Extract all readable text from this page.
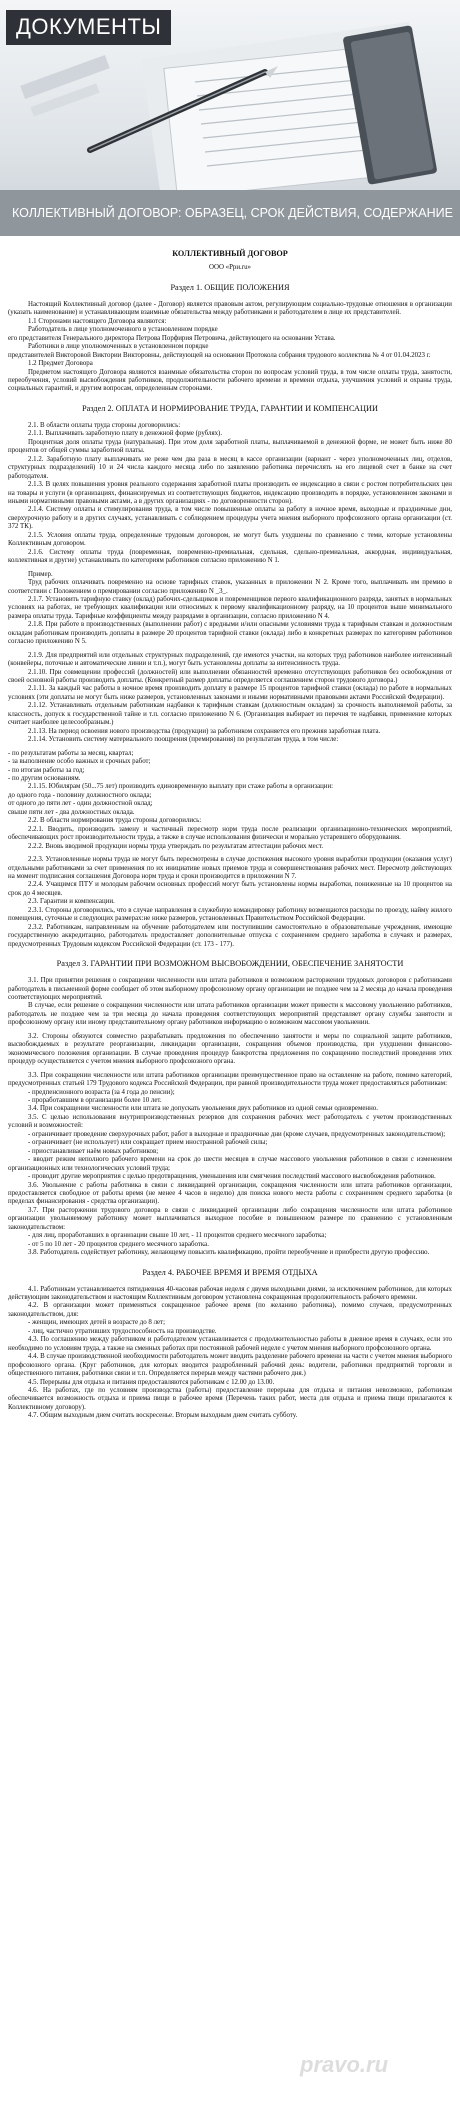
ДОКУМЕНТЫ
КОЛЛЕКТИВНЫЙ ДОГОВОР: ОБРАЗЕЦ, СРОК ДЕЙСТВИЯ, СОДЕРЖАНИЕ
КОЛЛЕКТИВНЫЙ ДОГОВОР

ООО «Рри.ru»

Раздел 1. ОБЩИЕ ПОЛОЖЕНИЯ

Настоящий Коллективный договор (далее - Договор) является правовым актом, регулирующим социально-трудовые отношения в организации (указать наименование) и устанавливающим взаимные обязательства между работниками и работодателем в лице их представителей.

1.1 Сторонами настоящего Договора являются:

Работодатель в лице уполномоченного в установленном порядке

его представителя Генерального директора Петрова Порфирия Петровича, действующего на основании Устава.

Работники в лице уполномоченных в установленном порядке

представителей Викторовой Виктории Викторовны, действующей на основании Протокола собрания трудового коллектива № 4 от 01.04.2023 г.

1.2 Предмет Договора

Предметом настоящего Договора являются взаимные обязательства сторон по вопросам условий труда, в том числе оплаты труда, занятости, переобучения, условий высвобождения работников, продолжительности рабочего времени и времени отдыха, улучшения условий и охраны труда, социальных гарантий, и другим вопросам, определенным сторонами.

Раздел 2. ОПЛАТА И НОРМИРОВАНИЕ ТРУДА, ГАРАНТИИ И КОМПЕНСАЦИИ

2.1. В области оплаты труда стороны договорились:

2.1.1. Выплачивать заработную плату в денежной форме (рублях).

Процентная доля оплаты труда (натуральная). При этом доля заработной платы, выплачиваемой в денежной форме, не может быть ниже 80 процентов от общей суммы заработной платы.

2.1.2. Заработную плату выплачивать не реже чем два раза в месяц в кассе организации (вариант - через уполномоченных лиц, отделов, структурных подразделений) 10 и 24 числа каждого месяца либо по заявлению работника перечислять на его лицевой счет в банке на счет работодателя.

2.1.3. В целях повышения уровня реального содержания заработной платы производить ее индексацию в связи с ростом потребительских цен на товары и услуги (в организациях, финансируемых из соответствующих бюджетов, индексацию производить в порядке, установленном законами и иными нормативными правовыми актами, а в других организациях - по договоренности сторон).

2.1.4. Систему оплаты и стимулирования труда, в том числе повышенные оплаты за работу в ночное время, выходные и праздничные дни, сверхурочную работу и в других случаях, устанавливать с соблюдением процедуры учета мнения выборного профсоюзного органа организации (ст. 372 ТК).

2.1.5. Условия оплаты труда, определенные трудовым договором, не могут быть ухудшены по сравнению с теми, которые установлены Коллективным договором.

2.1.6. Систему оплаты труда (повременная, повременно-премиальная, сдельная, сдельно-премиальная, аккордная, индивидуальная, коллективная и другие) устанавливать по категориям работников согласно приложению N 1.

Пример.

Труд рабочих оплачивать повременно на основе тарифных ставок, указанных в приложении N 2. Кроме того, выплачивать им премию в соответствии с Положением о премировании согласно приложению N _3_.

2.1.7. Установить тарифную ставку (оклад) рабочих-сдельщиков и повременщиков первого квалификационного разряда, занятых в нормальных условиях на работах, не требующих квалификации или относимых к первому квалификационному разряду, на 10 процентов выше минимального размера оплаты труда. Тарифные коэффициенты между разрядами в организации, согласно приложению N 4.

2.1.8. При работе в производственных (выполнении работ) с вредными и/или опасными условиями труда к тарифным ставкам и должностным окладам работникам производить доплаты в размере 20 процентов тарифной ставки (оклада) либо в конкретных размерах по категориям работников согласно приложению N 5.

2.1.9. Для предприятий или отдельных структурных подразделений, где имеются участки, на которых труд работников наиболее интенсивный (конвейеры, поточные и автоматические линии и т.п.), могут быть установлены доплаты за интенсивность труда.

2.1.10. При совмещении профессий (должностей) или выполнении обязанностей временно отсутствующих работников без освобождения от своей основной работы производить доплаты. (Конкретный размер доплаты определяется соглашением сторон трудового договора.)

2.1.11. За каждый час работы в ночное время производить доплату в размере 15 процентов тарифной ставки (оклада) по работе в нормальных условиях (эти доплаты не могут быть ниже размеров, установленных законами и иными нормативными правовыми актами Российской Федерации).

2.1.12. Устанавливать отдельным работникам надбавки к тарифным ставкам (должностным окладам) за срочность выполняемой работы, за классность, допуск к государственной тайне и т.п. согласно приложению N 6. (Организация выбирает из перечня те надбавки, применение которых считает наиболее целесообразным.)

2.1.13. На период освоения нового производства (продукции) за работником сохраняется его прежняя заработная плата.

2.1.14. Установить систему материального поощрения (премирования) по результатам труда, в том числе:

- по результатам работы за месяц, квартал;

- за выполнение особо важных и срочных работ;

- по итогам работы за год;

- по другим основаниям.

2.1.15. Юбилярам (50...75 лет) производить единовременную выплату при стаже работы в организации:

до одного года - половину должностного оклада;

от одного до пяти лет - один должностной оклад;

свыше пяти лет - два должностных оклада.

2.2. В области нормирования труда стороны договорились:

2.2.1. Вводить, производить замену и частичный пересмотр норм труда после реализации организационно-технических мероприятий, обеспечивающих рост производительности труда, а также в случае использования физически и морально устаревшего оборудования.

2.2.2. Вновь вводимой продукции нормы труда утверждать по результатам аттестации рабочих мест.

2.2.3. Установленные нормы труда не могут быть пересмотрены в случае достижения высокого уровня выработки продукции (оказания услуг) отдельными работниками за счет применения по их инициативе новых приемов труда и совершенствования рабочих мест. Пересмотр действующих на момент подписания соглашения Договора норм труда и сроки производится в приложении N 7.

2.2.4. Учащимся ПТУ и молодым рабочим основных профессий могут быть установлены нормы выработки, пониженные на 10 процентов на срок до 4 месяцев.

2.3. Гарантии и компенсации.

2.3.1. Стороны договорились, что в случае направления в служебную командировку работнику возмещаются расходы по проезду, найму жилого помещения, суточные и следующих размерах:не ниже размеров, установленных Правительством Российской Федерации.

2.3.2. Работникам, направленным на обучение работодателем или поступившим самостоятельно в образовательные учреждения, имеющие государственную аккредитацию, работодатель предоставляет дополнительные отпуска с сохранением среднего заработка в случаях и размерах, предусмотренных Трудовым кодексом Российской Федерации (ст. 173 - 177).

Раздел 3. ГАРАНТИИ ПРИ ВОЗМОЖНОМ ВЫСВОБОЖДЕНИИ, ОБЕСПЕЧЕНИЕ ЗАНЯТОСТИ

3.1. При принятии решения о сокращении численности или штата работников и возможном расторжении трудовых договоров с работниками работодатель в письменной форме сообщает об этом выборному профсоюзному органу организации не позднее чем за 2 месяца до начала проведения соответствующих мероприятий.

В случае, если решение о сокращении численности или штата работников организации может привести к массовому увольнению работников, работодатель не позднее чем за три месяца до начала проведения соответствующих мероприятий представляет органу службы занятости и профсоюзному органу или иному представительному органу работников информацию о возможном массовом увольнении.

3.2. Стороны обязуются совместно разрабатывать предложения по обеспечению занятости и меры по социальной защите работников, высвобождаемых в результате реорганизации, ликвидации организации, сокращения объемов производства, при ухудшении финансово-экономического положения организации. В случае проведения процедур банкротства предложения по сокращению последствий проведения этих процедур осуществляется с учетом мнения выборного профсоюзного органа.

3.3. При сокращении численности или штата работников организации преимущественное право на оставление на работе, помимо категорий, предусмотренных статьей 179 Трудового кодекса Российской Федерации, при равной производительности труда может предоставляться работникам:

- предпенсионного возраста (за 4 года до пенсии);

- проработавшим в организации более 10 лет.

3.4. При сокращении численности или штата не допускать увольнения двух работников из одной семьи одновременно.

3.5. С целью использования внутрипроизводственных резервов для сохранения рабочих мест работодатель с учетом производственных условий и возможностей:

- ограничивает проведение сверхурочных работ, работ в выходные и праздничные дни (кроме случаев, предусмотренных законодательством);

- ограничивает (не использует) или сокращает прием иностранной рабочей силы;

- приостанавливает наём новых работников;

- вводит режим неполного рабочего времени на срок до шести месяцев в случае массового увольнения работников в связи с изменением организационных или технологических условий труда;

- проводит другие мероприятия с целью предотвращения, уменьшения или смягчения последствий массового высвобождения работников.

3.6. Увольнение с работы работника в связи с ликвидацией организации, сокращения численности или штата работников организации, предоставляется свободное от работы время (не менее 4 часов в неделю) для поиска нового места работы с сохранением среднего заработка (в пределах финансирования - средства организации).

3.7. При расторжении трудового договора в связи с ликвидацией организации либо сокращения численности или штата работников организации увольняемому работнику может выплачиваться выходное пособие в повышенном размере по сравнению с установленным законодательством:

- для лиц, проработавших в организации свыше 10 лет, - 11 процентов среднего месячного заработка;

- от 5 по 10 лет - 20 процентов среднего месячного заработка.

3.8. Работодатель содействует работнику, желающему повысить квалификацию, пройти переобучение и приобрести другую профессию.

Раздел 4. РАБОЧЕЕ ВРЕМЯ И ВРЕМЯ ОТДЫХА

4.1. Работникам устанавливается пятидневная 40-часовая рабочая неделя с двумя выходными днями, за исключением работников, для которых действующим законодательством и настоящим Коллективным договором установлена сокращенная продолжительность рабочего времени.

4.2. В организации может применяться сокращенное рабочее время (по желанию работника), помимо случаев, предусмотренных законодательством, для:

- женщин, имеющих детей в возрасте до 8 лет;

- лиц, частично утративших трудоспособность на производстве.

4.3. По соглашению между работником и работодателем устанавливается с продолжительностью работы в дневное время в случаях, если это необходимо по условиям труда, а также на сменных работах при постоянной рабочей неделе с учетом мнения выборного профсоюзного органа.

4.4. В случае производственной необходимости работодатель может вводить разделение рабочего времени на части с учетом мнения выборного профсоюзного органа. (Круг работников, для которых вводится раздробленный рабочий день: водители, работники предприятий торговли и общественного питания, работники связи и т.п. Определяется перерыв между частями рабочего дня.)

4.5. Перерывы для отдыха и питания предоставляются работникам с 12.00 до 13.00.

4.6. На работах, где по условиям производства (работы) предоставление перерыва для отдыха и питания невозможно, работникам обеспечивается возможность отдыха и приема пищи в рабочее время (Перечень таких работ, места для отдыха и приема пищи прилагаются к Коллективному договору).

4.7. Общим выходным днем считать воскресенье. Вторым выходным днем считать субботу.

pravo.ru
